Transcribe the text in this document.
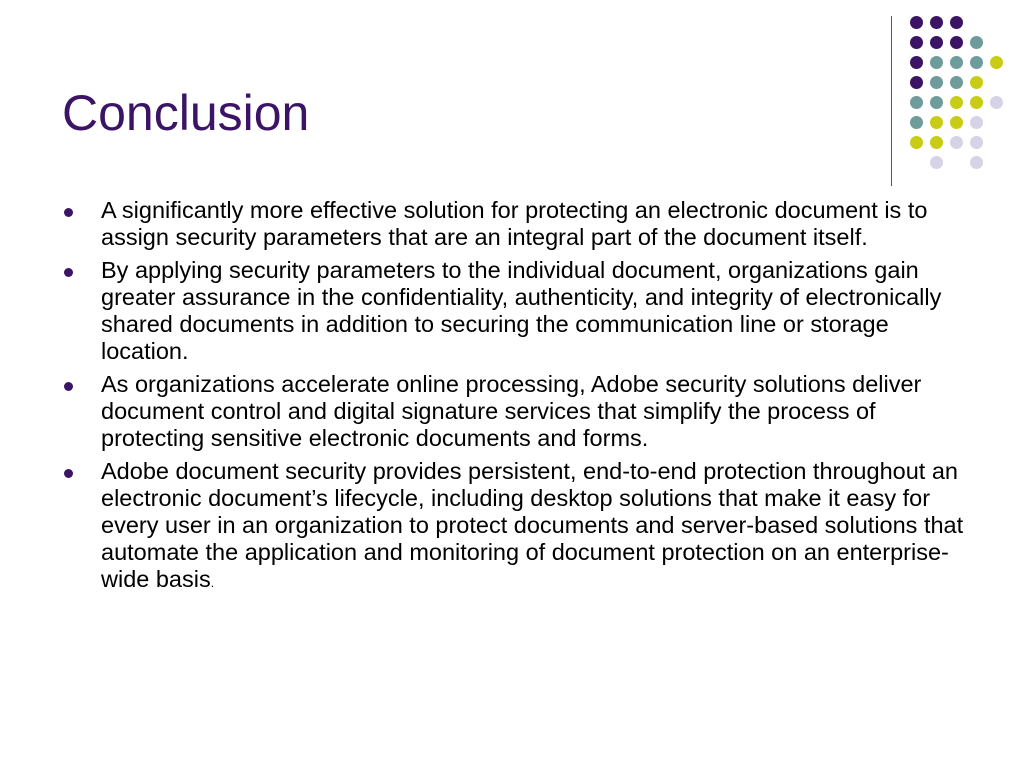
Conclusion
A significantly more effective solution for protecting an electronic document is to assign security parameters that are an integral part of the document itself.
By applying security parameters to the individual document, organizations gain greater assurance in the confidentiality, authenticity, and integrity of electronically shared documents in addition to securing the communication line or storage location.
As organizations accelerate online processing, Adobe security solutions deliver document control and digital signature services that simplify the process of protecting sensitive electronic documents and forms.
Adobe document security provides persistent, end-to-end protection throughout an electronic document’s lifecycle, including desktop solutions that make it easy for every user in an organization to protect documents and server-based solutions that automate the application and monitoring of document protection on an enterprise-wide basis.
